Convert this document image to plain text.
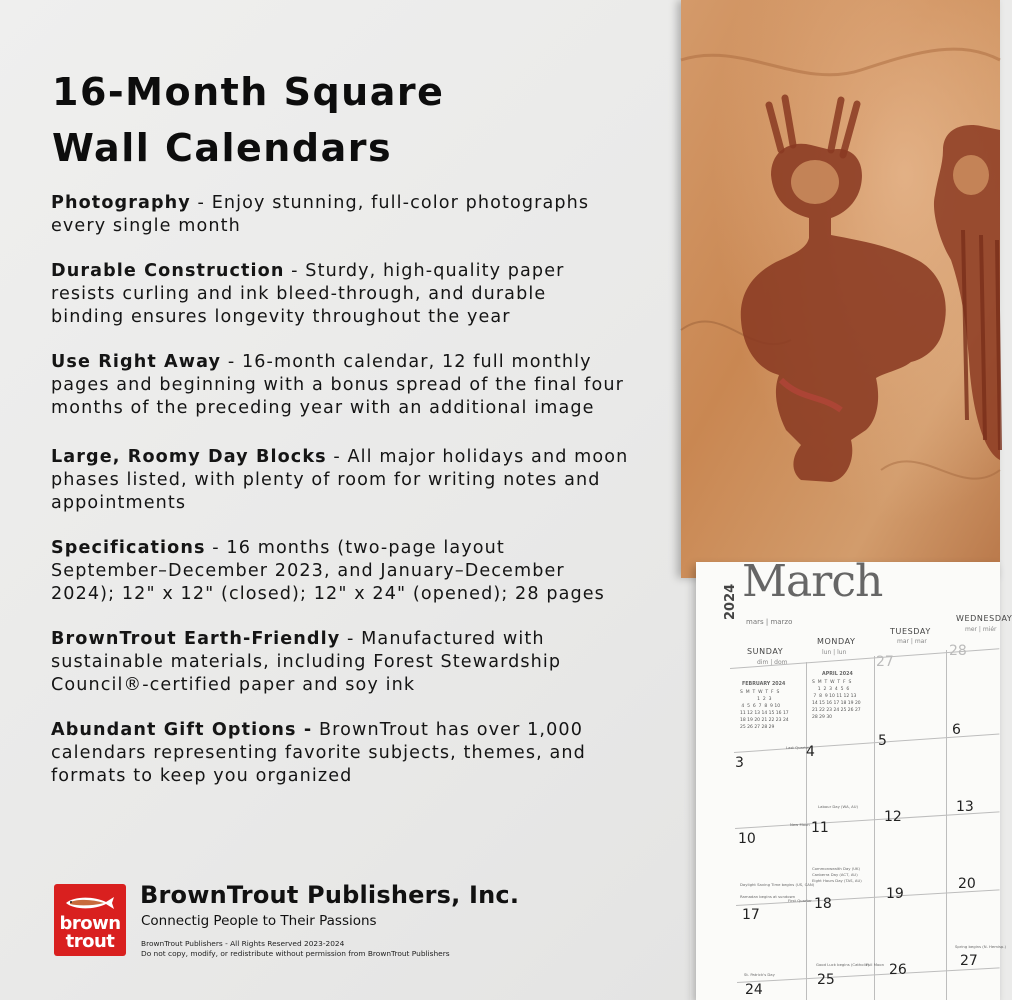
16-Month Square
Wall Calendars

Photography - Enjoy stunning, full-color photographs every single month

Durable Construction - Sturdy, high-quality paper resists curling and ink bleed-through, and durable binding ensures longevity throughout the year

Use Right Away - 16-month calendar, 12 full monthly pages and beginning with a bonus spread of the final four months of the preceding year with an additional image

Large, Roomy Day Blocks - All major holidays and moon phases listed, with plenty of room for writing notes and appointments

Specifications - 16 months (two-page layout September–December 2023, and January–December 2024); 12" x 12" (closed); 12" x 24" (opened); 28 pages

BrownTrout Earth-Friendly - Manufactured with sustainable materials, including Forest Stewardship Council®-certified paper and soy ink

Abundant Gift Options - BrownTrout has over 1,000 calendars representing favorite subjects, themes, and formats to keep you organized

brown
trout
BrownTrout Publishers, Inc.
Connectig People to Their Passions
BrownTrout Publishers - All Rights Reserved 2023-2024
Do not copy, modify, or redistribute without permission from BrownTrout Publishers
2024 March
mars | marzo
SUNDAY
dim | dom
MONDAY
lun | lun
TUESDAY
mar | mar
WEDNESDAY
mer | miér
FEBRUARY 2024
S  M  T  W  T  F  S
1  2  3
4  5  6  7  8  9 10
11 12 13 14 15 16 17
18 19 20 21 22 23 24
25 26 27 28 29
APRIL 2024
S  M  T  W  T  F  S
1  2  3  4  5  6
7  8  9 10 11 12 13
14 15 16 17 18 19 20
21 22 23 24 25 26 27
28 29 30
27
28
3
4
5
6
10
11
12
13
17
18
19
20
24
25
26
27
Last Quarter
Labour Day (WA, AU)
New Moon
Daylight Saving Time begins (US, CAN)
Ramadan begins at sundown
Commonwealth Day (UK)
Canberra Day (ACT, AU)
Eight Hours Day (TAS, AU)
First Quarter
Spring begins (N. Hemisp.)
St. Patrick's Day
Good Luck begins (Catholic)
Full Moon
